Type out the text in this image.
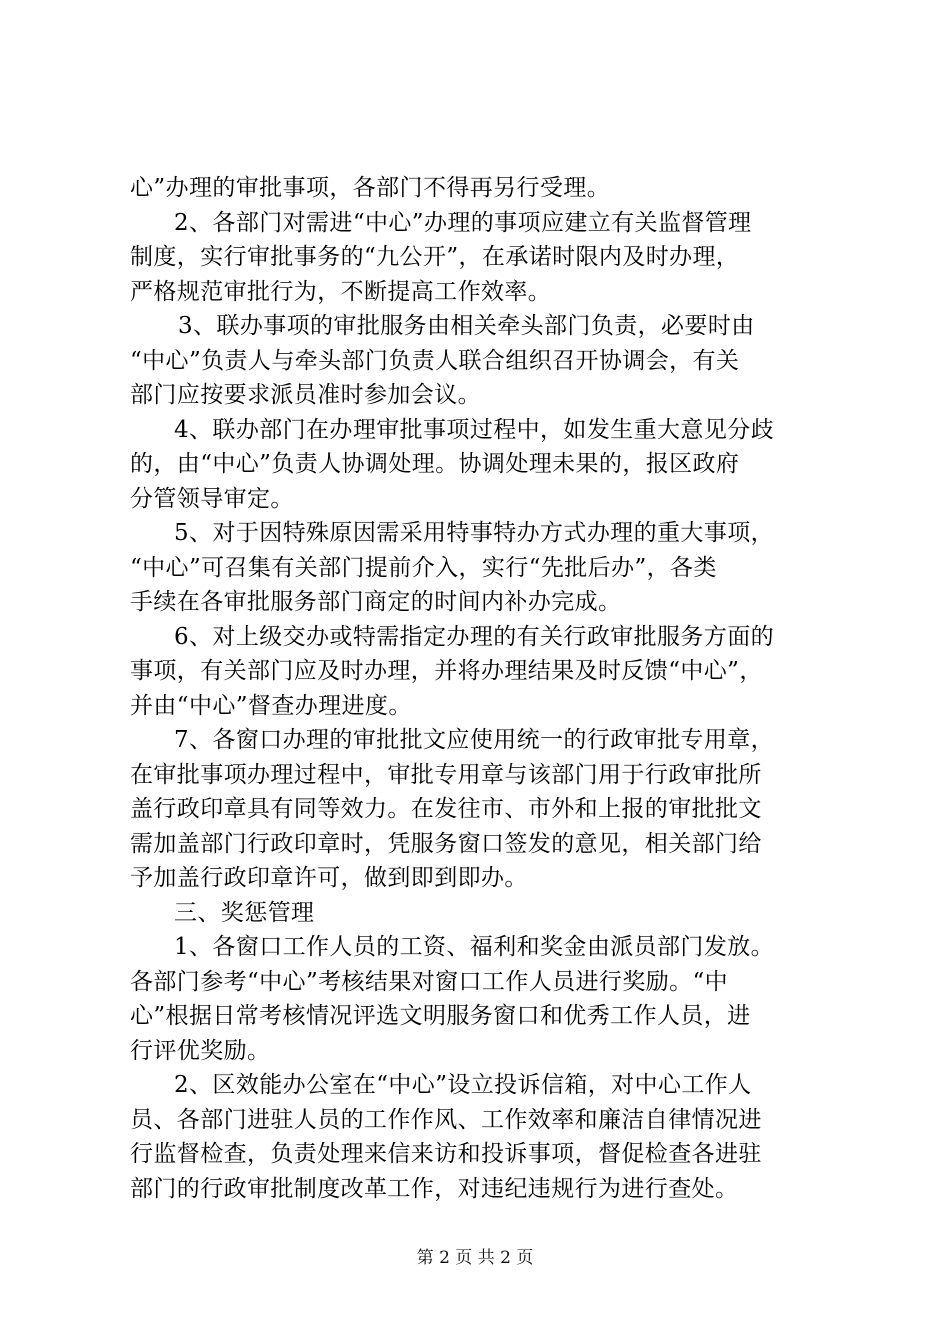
心”办理的审批事项，各部门不得再另行受理。
2、各部门对需进“中心”办理的事项应建立有关监督管理
制度，实行审批事务的“九公开”，在承诺时限内及时办理，
严格规范审批行为，不断提高工作效率。
3、联办事项的审批服务由相关牵头部门负责，必要时由
“中心”负责人与牵头部门负责人联合组织召开协调会，有关
部门应按要求派员准时参加会议。
4、联办部门在办理审批事项过程中，如发生重大意见分歧
的，由“中心”负责人协调处理。协调处理未果的，报区政府
分管领导审定。
5、对于因特殊原因需采用特事特办方式办理的重大事项，
“中心”可召集有关部门提前介入，实行“先批后办”，各类
手续在各审批服务部门商定的时间内补办完成。
6、对上级交办或特需指定办理的有关行政审批服务方面的
事项，有关部门应及时办理，并将办理结果及时反馈“中心”，
并由“中心”督查办理进度。
7、各窗口办理的审批批文应使用统一的行政审批专用章，
在审批事项办理过程中，审批专用章与该部门用于行政审批所
盖行政印章具有同等效力。在发往市、市外和上报的审批批文
需加盖部门行政印章时，凭服务窗口签发的意见，相关部门给
予加盖行政印章许可，做到即到即办。
三、奖惩管理
1、各窗口工作人员的工资、福利和奖金由派员部门发放。
各部门参考“中心”考核结果对窗口工作人员进行奖励。“中
心”根据日常考核情况评选文明服务窗口和优秀工作人员，进
行评优奖励。
2、区效能办公室在“中心”设立投诉信箱，对中心工作人
员、各部门进驻人员的工作作风、工作效率和廉洁自律情况进
行监督检查，负责处理来信来访和投诉事项，督促检查各进驻
部门的行政审批制度改革工作，对违纪违规行为进行查处。
第 2 页 共 2 页
